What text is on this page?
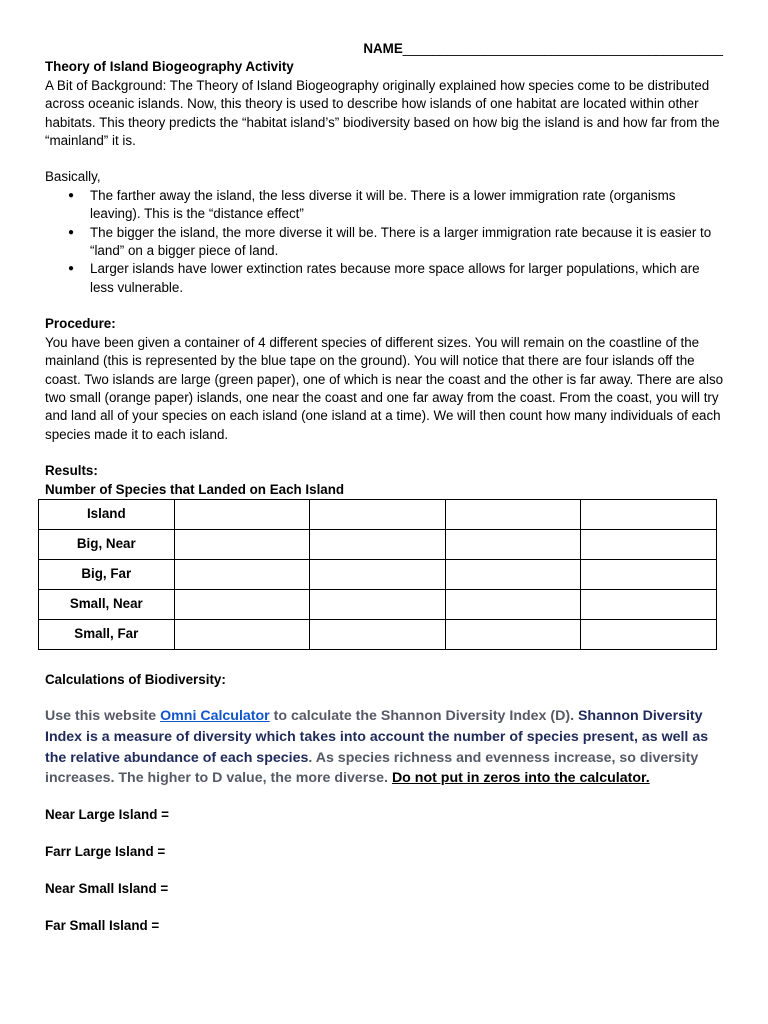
NAME___________________________________________

Theory of Island Biogeography Activity

A Bit of Background: The Theory of Island Biogeography originally explained how species come to be distributed across oceanic islands. Now, this theory is used to describe how islands of one habitat are located within other habitats. This theory predicts the “habitat island’s” biodiversity based on how big the island is and how far from the “mainland” it is.

Basically,

● The farther away the island, the less diverse it will be. There is a lower immigration rate (organisms leaving). This is the “distance effect”
● The bigger the island, the more diverse it will be. There is a larger immigration rate because it is easier to “land” on a bigger piece of land.
● Larger islands have lower extinction rates because more space allows for larger populations, which are less vulnerable.

Procedure:

You have been given a container of 4 different species of different sizes. You will remain on the coastline of the mainland (this is represented by the blue tape on the ground). You will notice that there are four islands off the coast. Two islands are large (green paper), one of which is near the coast and the other is far away. There are also two small (orange paper) islands, one near the coast and one far away from the coast. From the coast, you will try and land all of your species on each island (one island at a time). We will then count how many individuals of each species made it to each island.

Results:

Number of Species that Landed on Each Island

Island				
Big, Near				
Big, Far				
Small, Near				
Small, Far				

Calculations of Biodiversity:

Use this website Omni Calculator to calculate the Shannon Diversity Index (D). Shannon Diversity Index is a measure of diversity which takes into account the number of species present, as well as the relative abundance of each species. As species richness and evenness increase, so diversity increases. The higher to D value, the more diverse. Do not put in zeros into the calculator.

Near Large Island =
Farr Large Island =
Near Small Island =
Far Small Island =
